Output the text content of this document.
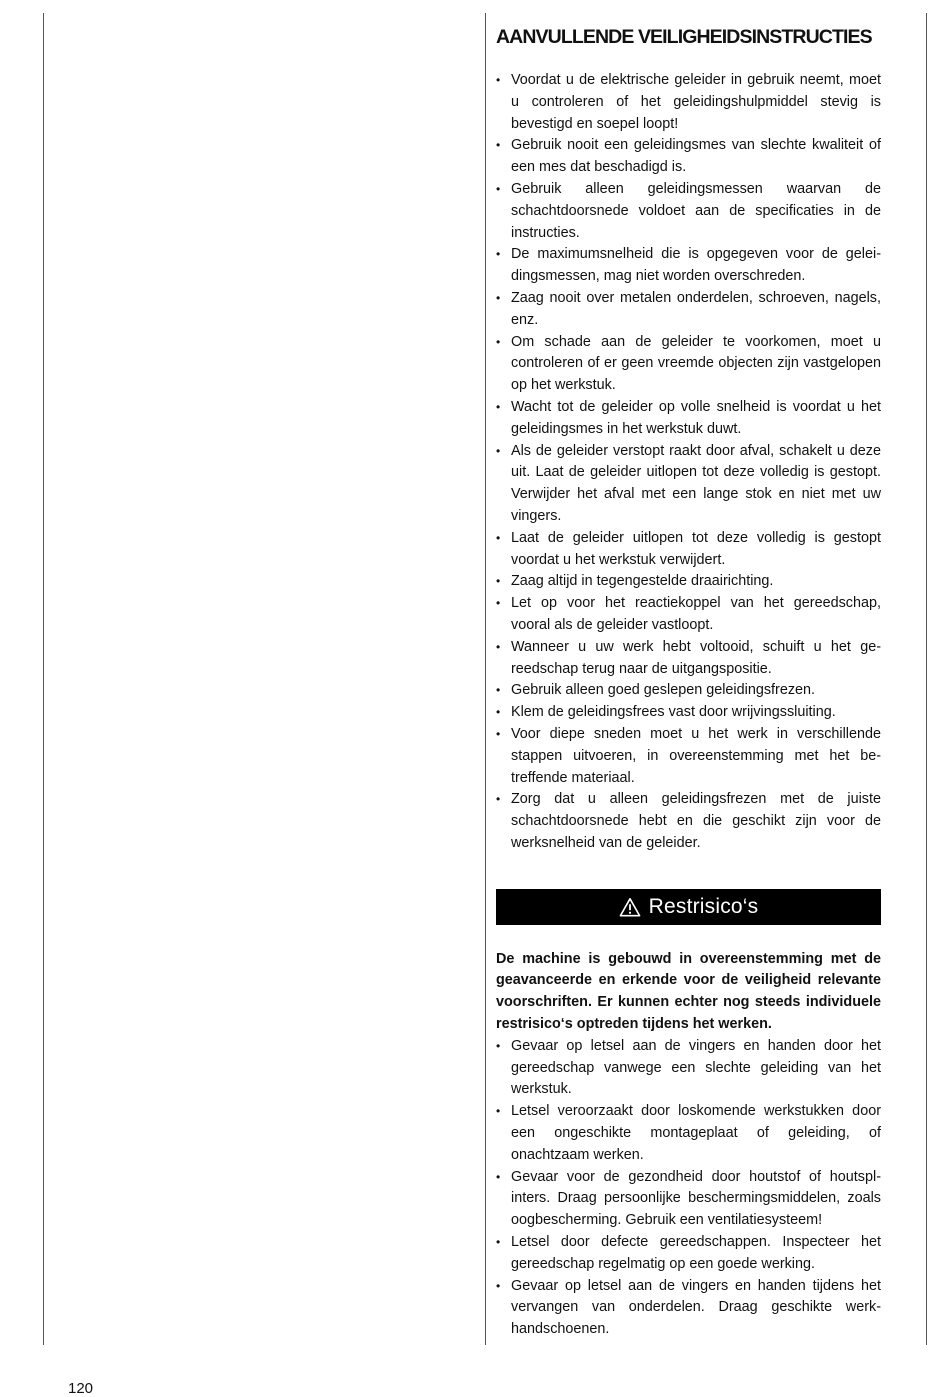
AANVULLENDE VEILIGHEIDSINSTRUCTIES
• Voordat u de elektrische geleider in gebruik neemt, moet u controleren of het geleidingshulpmiddel stevig is bevestigd en soepel loopt!
• Gebruik nooit een geleidingsmes van slechte kwaliteit of een mes dat beschadigd is.
• Gebruik alleen geleidingsmessen waarvan de schachtdoorsnede voldoet aan de specificaties in de instructies.
• De maximumsnelheid die is opgegeven voor de geleidingsmessen, mag niet worden overschreden.
• Zaag nooit over metalen onderdelen, schroeven, nagels, enz.
• Om schade aan de geleider te voorkomen, moet u controleren of er geen vreemde objecten zijn vastgelopen op het werkstuk.
• Wacht tot de geleider op volle snelheid is voordat u het geleidingsmes in het werkstuk duwt.
• Als de geleider verstopt raakt door afval, schakelt u deze uit. Laat de geleider uitlopen tot deze volledig is gestopt. Verwijder het afval met een lange stok en niet met uw vingers.
• Laat de geleider uitlopen tot deze volledig is gestopt voordat u het werkstuk verwijdert.
• Zaag altijd in tegengestelde draairichting.
• Let op voor het reactiekoppel van het gereedschap, vooral als de geleider vastloopt.
• Wanneer u uw werk hebt voltooid, schuift u het gereedschap terug naar de uitgangspositie.
• Gebruik alleen goed geslepen geleidingsfrezen.
• Klem de geleidingsfrees vast door wrijvingssluiting.
• Voor diepe sneden moet u het werk in verschillende stappen uitvoeren, in overeenstemming met het betreffende materiaal.
• Zorg dat u alleen geleidingsfrezen met de juiste schachtdoorsnede hebt en die geschikt zijn voor de werksnelheid van de geleider.
Restrisico‘s

De machine is gebouwd in overeenstemming met de geavanceerde en erkende voor de veiligheid relevante voorschriften. Er kunnen echter nog steeds individuele restrisico‘s optreden tijdens het werken.

• Gevaar op letsel aan de vingers en handen door het gereedschap vanwege een slechte geleiding van het werkstuk.
• Letsel veroorzaakt door loskomende werkstukken door een ongeschikte montageplaat of geleiding, of onachtzaam werken.
• Gevaar voor de gezondheid door houtstof of houtsplinters. Draag persoonlijke beschermingsmiddelen, zoals oogbescherming. Gebruik een ventilatiesysteem!
• Letsel door defecte gereedschappen. Inspecteer het gereedschap regelmatig op een goede werking.
• Gevaar op letsel aan de vingers en handen tijdens het vervangen van onderdelen. Draag geschikte werkhandschoenen.
120
